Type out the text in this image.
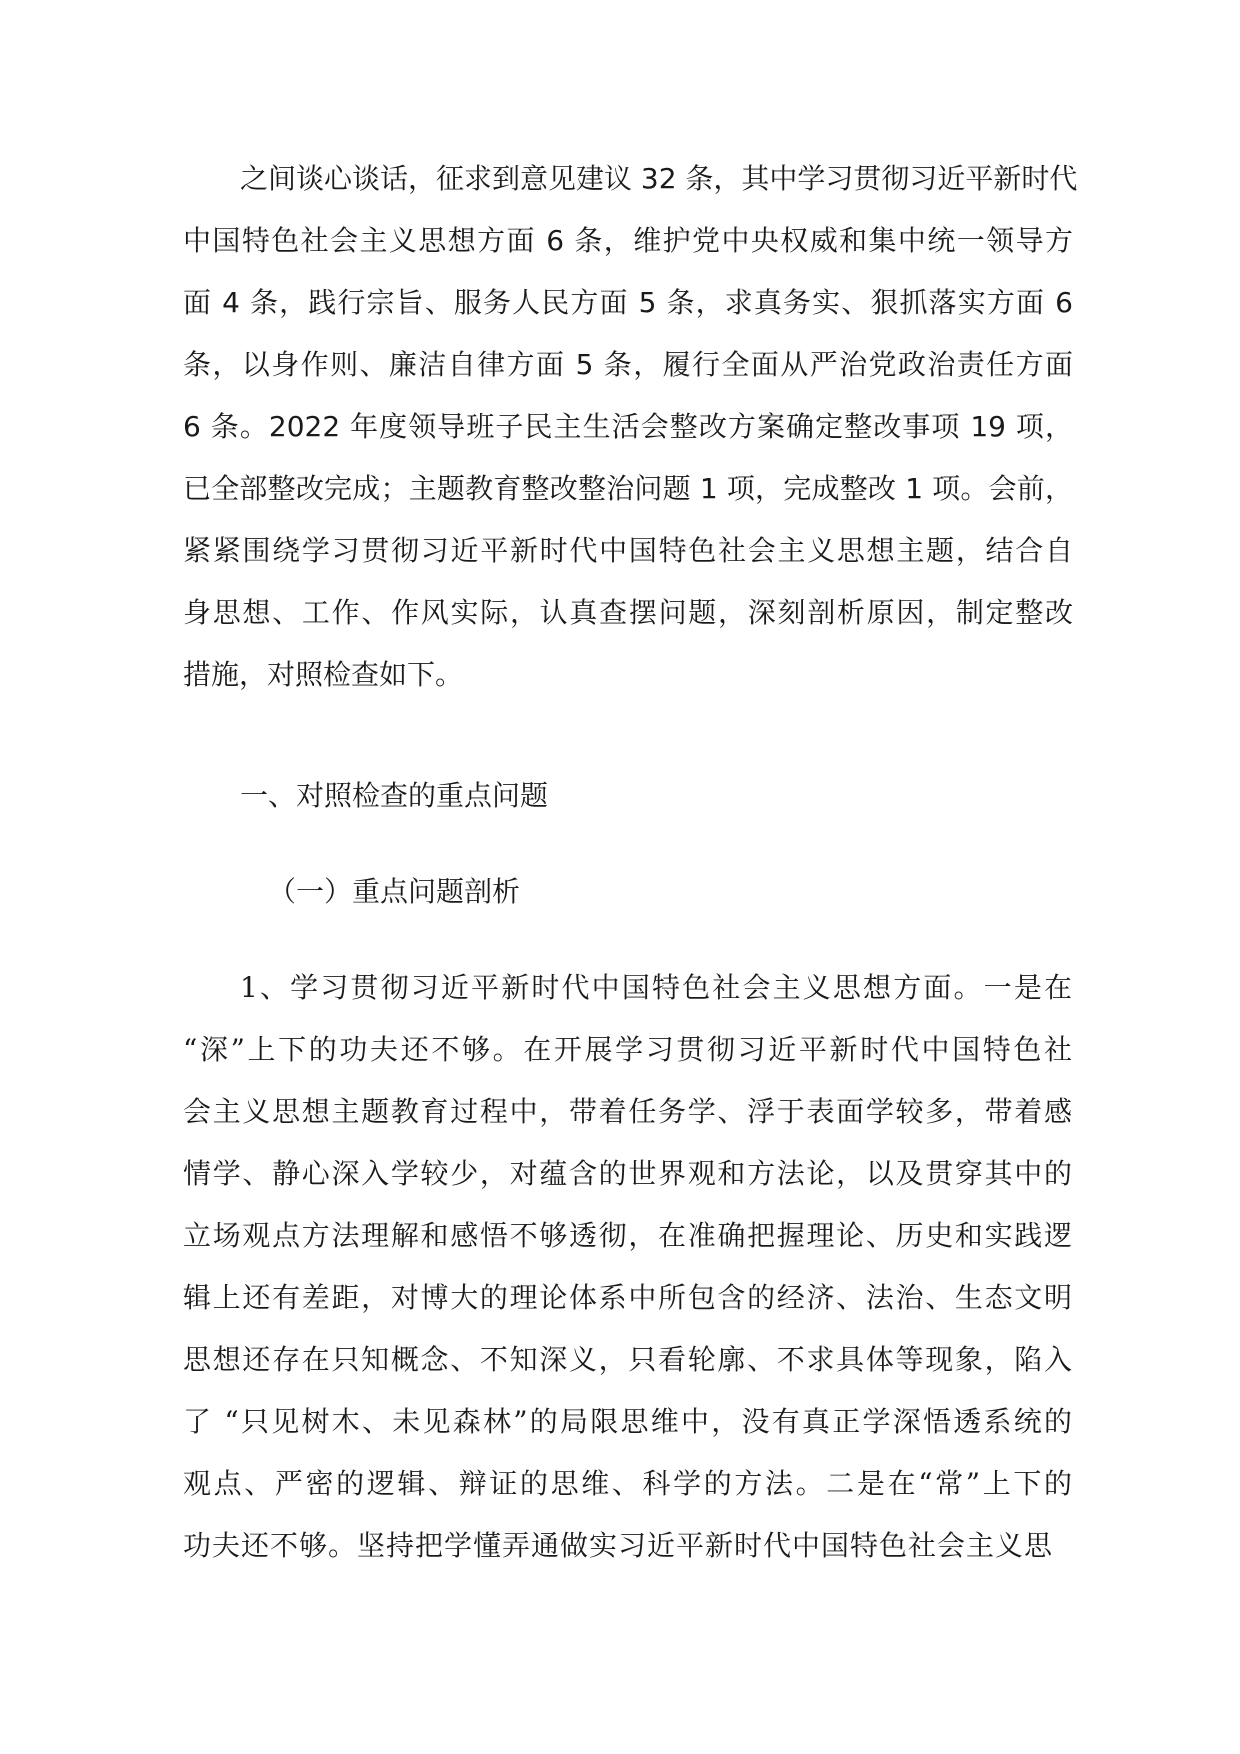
之间谈心谈话，征求到意见建议 32 条，其中学习贯彻习近平新时代
中国特色社会主义思想方面 6 条，维护党中央权威和集中统一领导方
面 4 条，践行宗旨、服务人民方面 5 条，求真务实、狠抓落实方面 6
条，以身作则、廉洁自律方面 5 条，履行全面从严治党政治责任方面
6 条。2022 年度领导班子民主生活会整改方案确定整改事项 19 项，
已全部整改完成；主题教育整改整治问题 1 项，完成整改 1 项。会前，
紧紧围绕学习贯彻习近平新时代中国特色社会主义思想主题，结合自
身思想、工作、作风实际，认真查摆问题，深刻剖析原因，制定整改
措施，对照检查如下。
一、对照检查的重点问题
（一）重点问题剖析
1、学习贯彻习近平新时代中国特色社会主义思想方面。一是在
“深”上下的功夫还不够。在开展学习贯彻习近平新时代中国特色社
会主义思想主题教育过程中，带着任务学、浮于表面学较多，带着感
情学、静心深入学较少，对蕴含的世界观和方法论，以及贯穿其中的
立场观点方法理解和感悟不够透彻，在准确把握理论、历史和实践逻
辑上还有差距，对博大的理论体系中所包含的经济、法治、生态文明
思想还存在只知概念、不知深义，只看轮廓、不求具体等现象，陷入
了 “只见树木、未见森林”的局限思维中，没有真正学深悟透系统的
观点、严密的逻辑、辩证的思维、科学的方法。二是在“常”上下的
功夫还不够。坚持把学懂弄通做实习近平新时代中国特色社会主义思
